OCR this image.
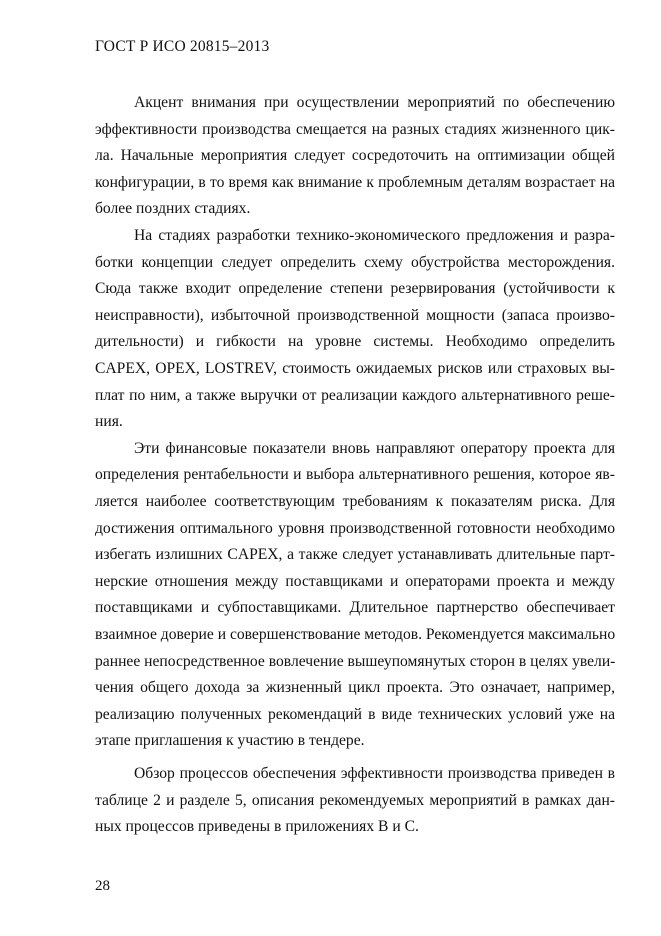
ГОСТ Р ИСО 20815–2013
Акцент внимания при осуществлении мероприятий по обеспечению
эффективности производства смещается на разных стадиях жизненного цик-
ла. Начальные мероприятия следует сосредоточить на оптимизации общей
конфигурации, в то время как внимание к проблемным деталям возрастает на
более поздних стадиях.
На стадиях разработки технико-экономического предложения и разра-
ботки концепции следует определить схему обустройства месторождения.
Сюда также входит определение степени резервирования (устойчивости к
неисправности), избыточной производственной мощности (запаса произво-
дительности) и гибкости на уровне системы. Необходимо определить
CAPEX, OPEX, LOSTREV, стоимость ожидаемых рисков или страховых вы-
плат по ним, а также выручки от реализации каждого альтернативного реше-
ния.
Эти финансовые показатели вновь направляют оператору проекта для
определения рентабельности и выбора альтернативного решения, которое яв-
ляется наиболее соответствующим требованиям к показателям риска. Для
достижения оптимального уровня производственной готовности необходимо
избегать излишних CAPEX, а также следует устанавливать длительные парт-
нерские отношения между поставщиками и операторами проекта и между
поставщиками и субпоставщиками. Длительное партнерство обеспечивает
взаимное доверие и совершенствование методов. Рекомендуется максимально
раннее непосредственное вовлечение вышеупомянутых сторон в целях увели-
чения общего дохода за жизненный цикл проекта. Это означает, например,
реализацию полученных рекомендаций в виде технических условий уже на
этапе приглашения к участию в тендере.
Обзор процессов обеспечения эффективности производства приведен в
таблице 2 и разделе 5, описания рекомендуемых мероприятий в рамках дан-
ных процессов приведены в приложениях В и С.
28
